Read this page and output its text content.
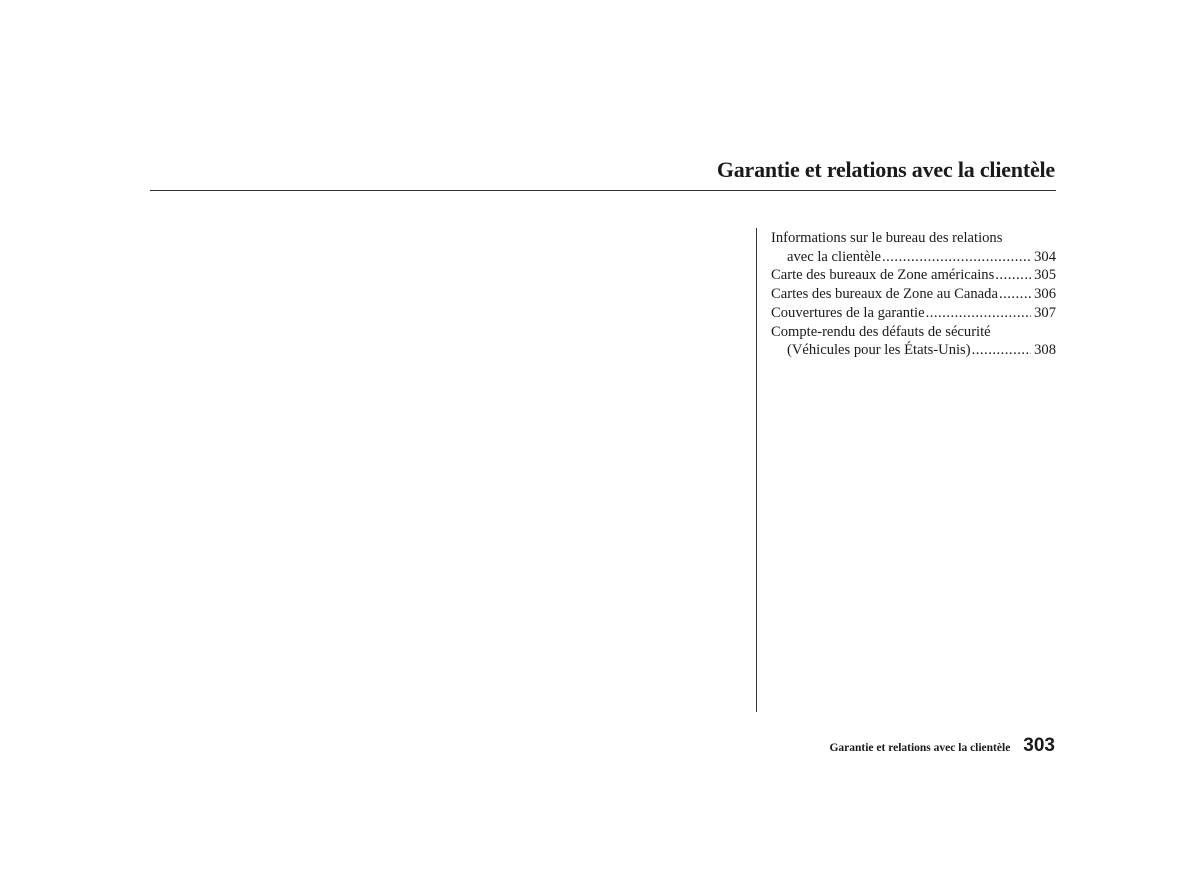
Garantie et relations avec la clientèle
Informations sur le bureau des relations
avec la clientèle .....	304
Carte des bureaux de Zone américains .....	305
Cartes des bureaux de Zone au Canada ..... 306
Couvertures de la garantie .....	307
Compte-rendu des défauts de sécurité
(Véhicules pour les États-Unis) .....	308
Garantie et relations avec la clientèle 303
